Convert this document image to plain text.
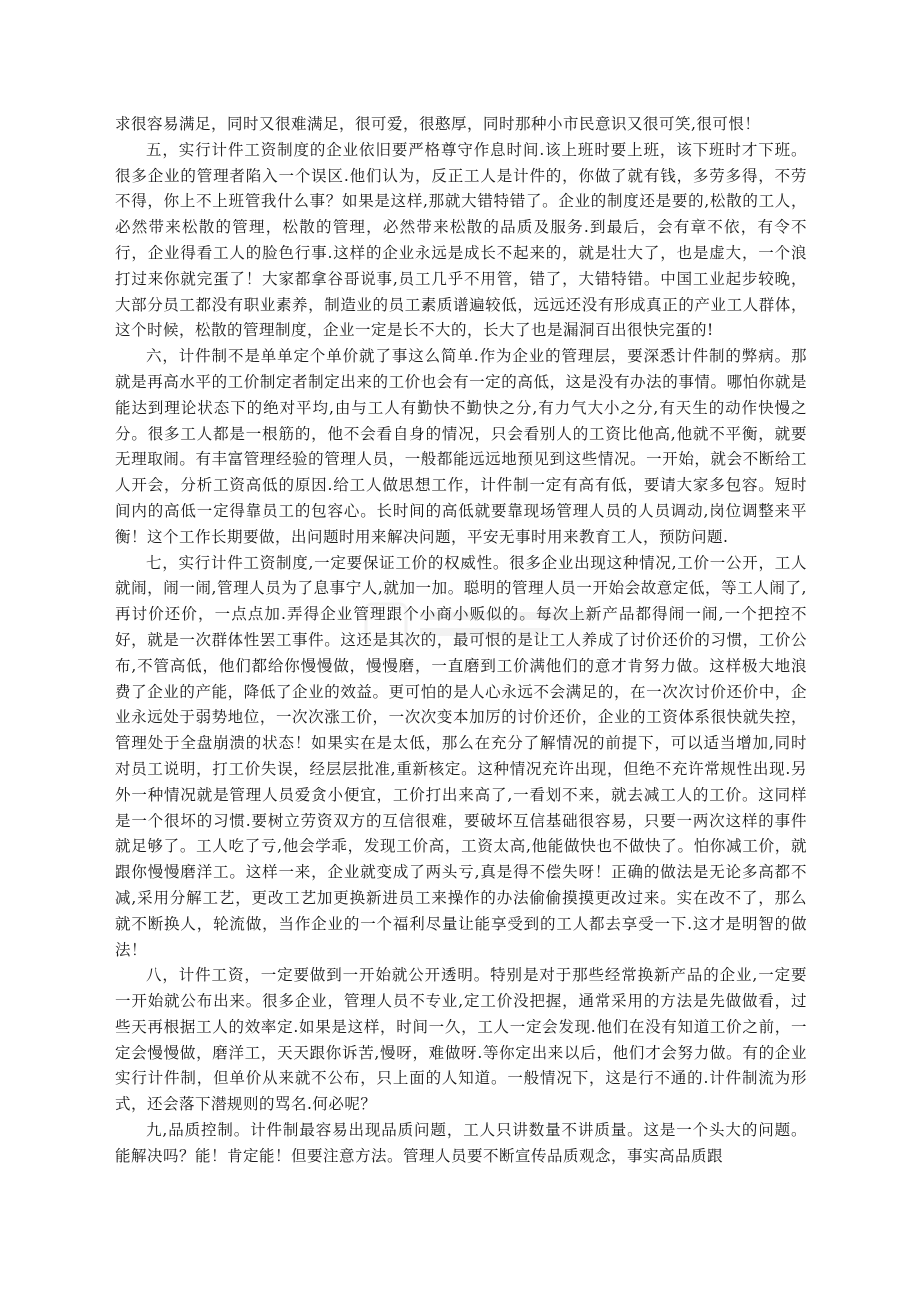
求很容易满足，同时又很难满足，很可爱，很憨厚，同时那种小市民意识又很可笑,很可恨！

五，实行计件工资制度的企业依旧要严格尊守作息时间.该上班时要上班，该下班时才下班。很多企业的管理者陷入一个误区.他们认为，反正工人是计件的，你做了就有钱，多劳多得，不劳不得，你上不上班管我什么事？如果是这样,那就大错特错了。企业的制度还是要的,松散的工人，必然带来松散的管理，松散的管理，必然带来松散的品质及服务.到最后，会有章不依，有令不行，企业得看工人的脸色行事.这样的企业永远是成长不起来的，就是壮大了，也是虚大，一个浪打过来你就完蛋了！大家都拿谷哥说事,员工几乎不用管，错了，大错特错。中国工业起步较晚，大部分员工都没有职业素养，制造业的员工素质谱遍较低，远远还没有形成真正的产业工人群体，这个时候，松散的管理制度，企业一定是长不大的，长大了也是漏洞百出很快完蛋的!

六，计件制不是单单定个单价就了事这么简单.作为企业的管理层，要深悉计件制的弊病。那就是再高水平的工价制定者制定出来的工价也会有一定的高低，这是没有办法的事情。哪怕你就是能达到理论状态下的绝对平均,由与工人有勤快不勤快之分,有力气大小之分,有天生的动作快慢之分。很多工人都是一根筋的，他不会看自身的情况，只会看别人的工资比他高,他就不平衡，就要无理取闹。有丰富管理经验的管理人员，一般都能远远地预见到这些情况。一开始，就会不断给工人开会，分析工资高低的原因.给工人做思想工作，计件制一定有高有低，要请大家多包容。短时间内的高低一定得靠员工的包容心。长时间的高低就要靠现场管理人员的人员调动,岗位调整来平衡！这个工作长期要做，出问题时用来解决问题，平安无事时用来教育工人，预防问题.

七，实行计件工资制度,一定要保证工价的权威性。很多企业出现这种情况,工价一公开，工人就闹，闹一闹,管理人员为了息事宁人,就加一加。聪明的管理人员一开始会故意定低，等工人闹了,再讨价还价，一点点加.弄得企业管理跟个小商小贩似的。每次上新产品都得闹一闹,一个把控不好，就是一次群体性罢工事件。这还是其次的，最可恨的是让工人养成了讨价还价的习惯，工价公布,不管高低，他们都给你慢慢做，慢慢磨，一直磨到工价满他们的意才肯努力做。这样极大地浪费了企业的产能，降低了企业的效益。更可怕的是人心永远不会满足的，在一次次讨价还价中，企业永远处于弱势地位，一次次涨工价，一次次变本加厉的讨价还价，企业的工资体系很快就失控，管理处于全盘崩溃的状态！如果实在是太低，那么在充分了解情况的前提下，可以适当增加,同时对员工说明，打工价失误，经层层批准,重新核定。这种情况充许出现，但绝不充许常规性出现.另外一种情况就是管理人员爱贪小便宜，工价打出来高了,一看划不来，就去减工人的工价。这同样是一个很坏的习惯.要树立劳资双方的互信很难，要破坏互信基础很容易，只要一两次这样的事件就足够了。工人吃了亏,他会学乖，发现工价高，工资太高,他能做快也不做快了。怕你减工价，就跟你慢慢磨洋工。这样一来，企业就变成了两头亏,真是得不偿失呀！正确的做法是无论多高都不减,采用分解工艺，更改工艺加更换新进员工来操作的办法偷偷摸摸更改过来。实在改不了，那么就不断换人，轮流做，当作企业的一个福利尽量让能享受到的工人都去享受一下.这才是明智的做法！

八，计件工资，一定要做到一开始就公开透明。特别是对于那些经常换新产品的企业,一定要一开始就公布出来。很多企业，管理人员不专业,定工价没把握，通常采用的方法是先做做看，过些天再根据工人的效率定.如果是这样，时间一久，工人一定会发现.他们在没有知道工价之前，一定会慢慢做，磨洋工，天天跟你诉苦,慢呀，难做呀.等你定出来以后，他们才会努力做。有的企业实行计件制，但单价从来就不公布，只上面的人知道。一般情况下，这是行不通的.计件制流为形式，还会落下潜规则的骂名.何必呢？

九,品质控制。计件制最容易出现品质问题，工人只讲数量不讲质量。这是一个头大的问题。能解决吗？能！肯定能！但要注意方法。管理人员要不断宣传品质观念，事实高品质跟
